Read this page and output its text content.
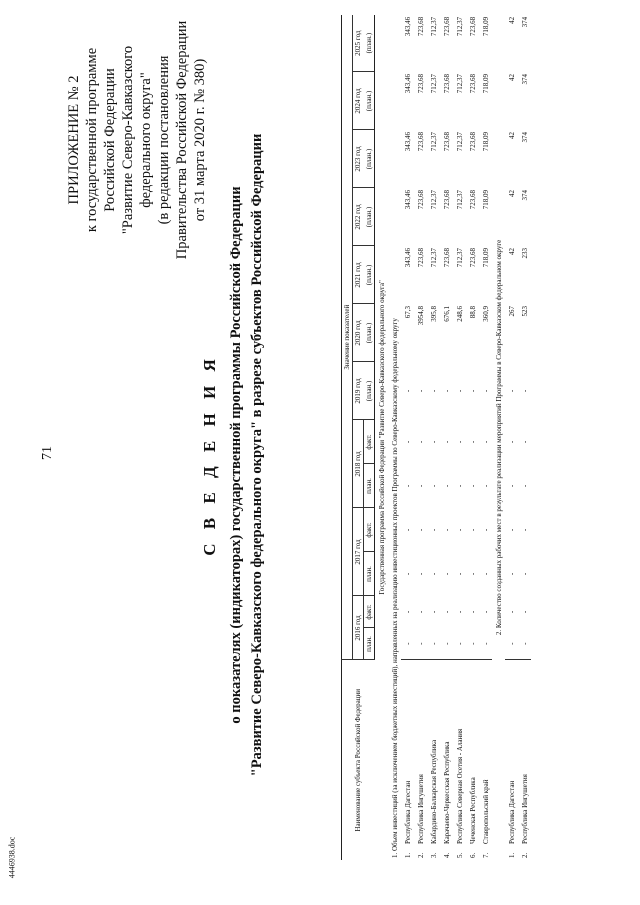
71
4446938.doc
ПРИЛОЖЕНИЕ № 2 к государственной программе Российской Федерации "Развитие Северо-Кавказского федерального округа" (в редакции постановления Правительства Российской Федерации от 31 марта 2020 г. № 380)
С В Е Д Е Н И Я о показателях (индикаторах) государственной программы Российской Федерации "Развитие Северо-Кавказского федерального округа" в разрезе субъектов Российской Федерации	Наименование субъекта Российской Федерации		Значение показателей												
		2016 год		2017 год		2018 год		2019 год	2020 год	2021 год	2022 год	2023 год	2024 год	2025 год
		план.	факт.	план.	факт.	план.	факт.	(план.)	(план.)	(план.)	(план.)	(план.)	(план.)	(план.)
Государственная программа Российской Федерации "Развитие Северо-Кавказского федерального округа"														
1. Объем инвестиций (за исключением бюджетных инвестиций), направленных на реализацию инвестиционных проектов Программы по Северо-Кавказскому федеральному округу														
1.	Республика Дагестан	-	-	-	-	-	-	-	67,3	343,46	343,46	343,46	343,46	343,46
2.	Республика Ингушетия	-	-	-	-	-	-	-	3954,8	723,68	723,68	723,68	723,68	723,68
3.	Кабардино-Балкарская Республика	-	-	-	-	-	-	-	395,8	712,37	712,37	712,37	712,37	712,37
4.	Карачаево-Черкесская Республика	-	-	-	-	-	-	-	676,1	723,68	723,68	723,68	723,68	723,68
5.	Республика Северная Осетия - Алания	-	-	-	-	-	-	-	248,6	712,37	712,37	712,37	712,37	712,37
6.	Чеченская Республика	-	-	-	-	-	-	-	88,8	723,68	723,68	723,68	723,68	723,68
7.	Ставропольский край	-	-	-	-	-	-	-	360,9	718,09	718,09	718,09	718,09	718,09
2. Количество созданных рабочих мест в результате реализации мероприятий Программы в Северо-Кавказском федеральном округе														
1.	Республика Дагестан	-	-	-	-	-	-	-	267	42	42	42	42	42
2.	Республика Ингушетия	-	-	-	-	-	-	-	523	233	374	374	374	374
